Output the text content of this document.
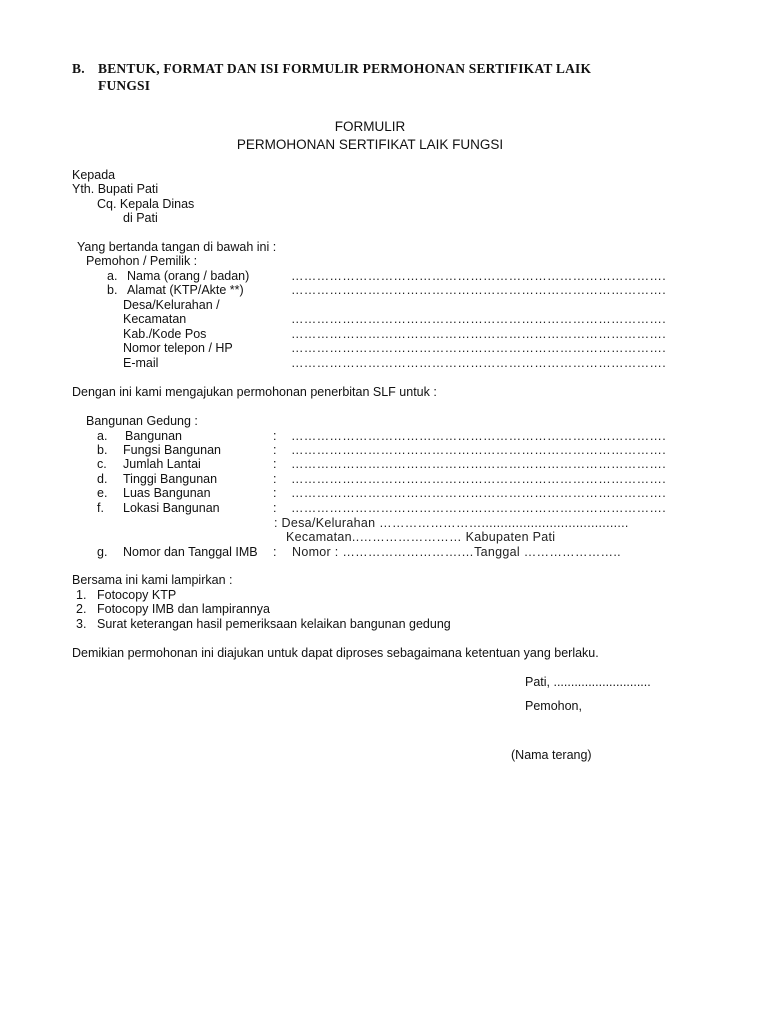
B. BENTUK, FORMAT DAN ISI FORMULIR PERMOHONAN SERTIFIKAT LAIK
FUNGSI
FORMULIR
PERMOHONAN SERTIFIKAT LAIK FUNGSI
Kepada
Yth. Bupati Pati
Cq. Kepala Dinas
di Pati
Yang bertanda tangan di bawah ini :
Pemohon / Pemilik :
a. Nama (orang / badan)	…………………………………………………………………………….
b. Alamat (KTP/Akte **)	…………………………………………………………………………….
Desa/Kelurahan /
Kecamatan	…………………………………………………………………………….
Kab./Kode Pos	…………………………………………………………………………….
Nomor telepon / HP	…………………………………………………………………………….
E-mail	…………………………………………………………………………….
Dengan ini kami mengajukan permohonan penerbitan SLF untuk :
Bangunan Gedung :
a. Bangunan	: …………………………………………………………………………….
b. Fungsi Bangunan	: …………………………………………………………………………….
c. Jumlah Lantai	: …………………………………………………………………………….
d. Tinggi Bangunan	: …………………………………………………………………………….
e. Luas Bangunan	: …………………………………………………………………………….
f. Lokasi Bangunan	: …………………………………………………………………………….
: Desa/Kelurahan …………………….......................................
Kecamatan..…………………… Kabupaten Pati
g. Nomor dan Tanggal IMB : Nomor : ……………………….…Tanggal …………………..
Bersama ini kami lampirkan :
1. Fotocopy KTP
2. Fotocopy IMB dan lampirannya
3. Surat keterangan hasil pemeriksaan kelaikan bangunan gedung
Demikian permohonan ini diajukan untuk dapat diproses sebagaimana ketentuan yang berlaku.
Pati, ............................
Pemohon,
(Nama terang)
